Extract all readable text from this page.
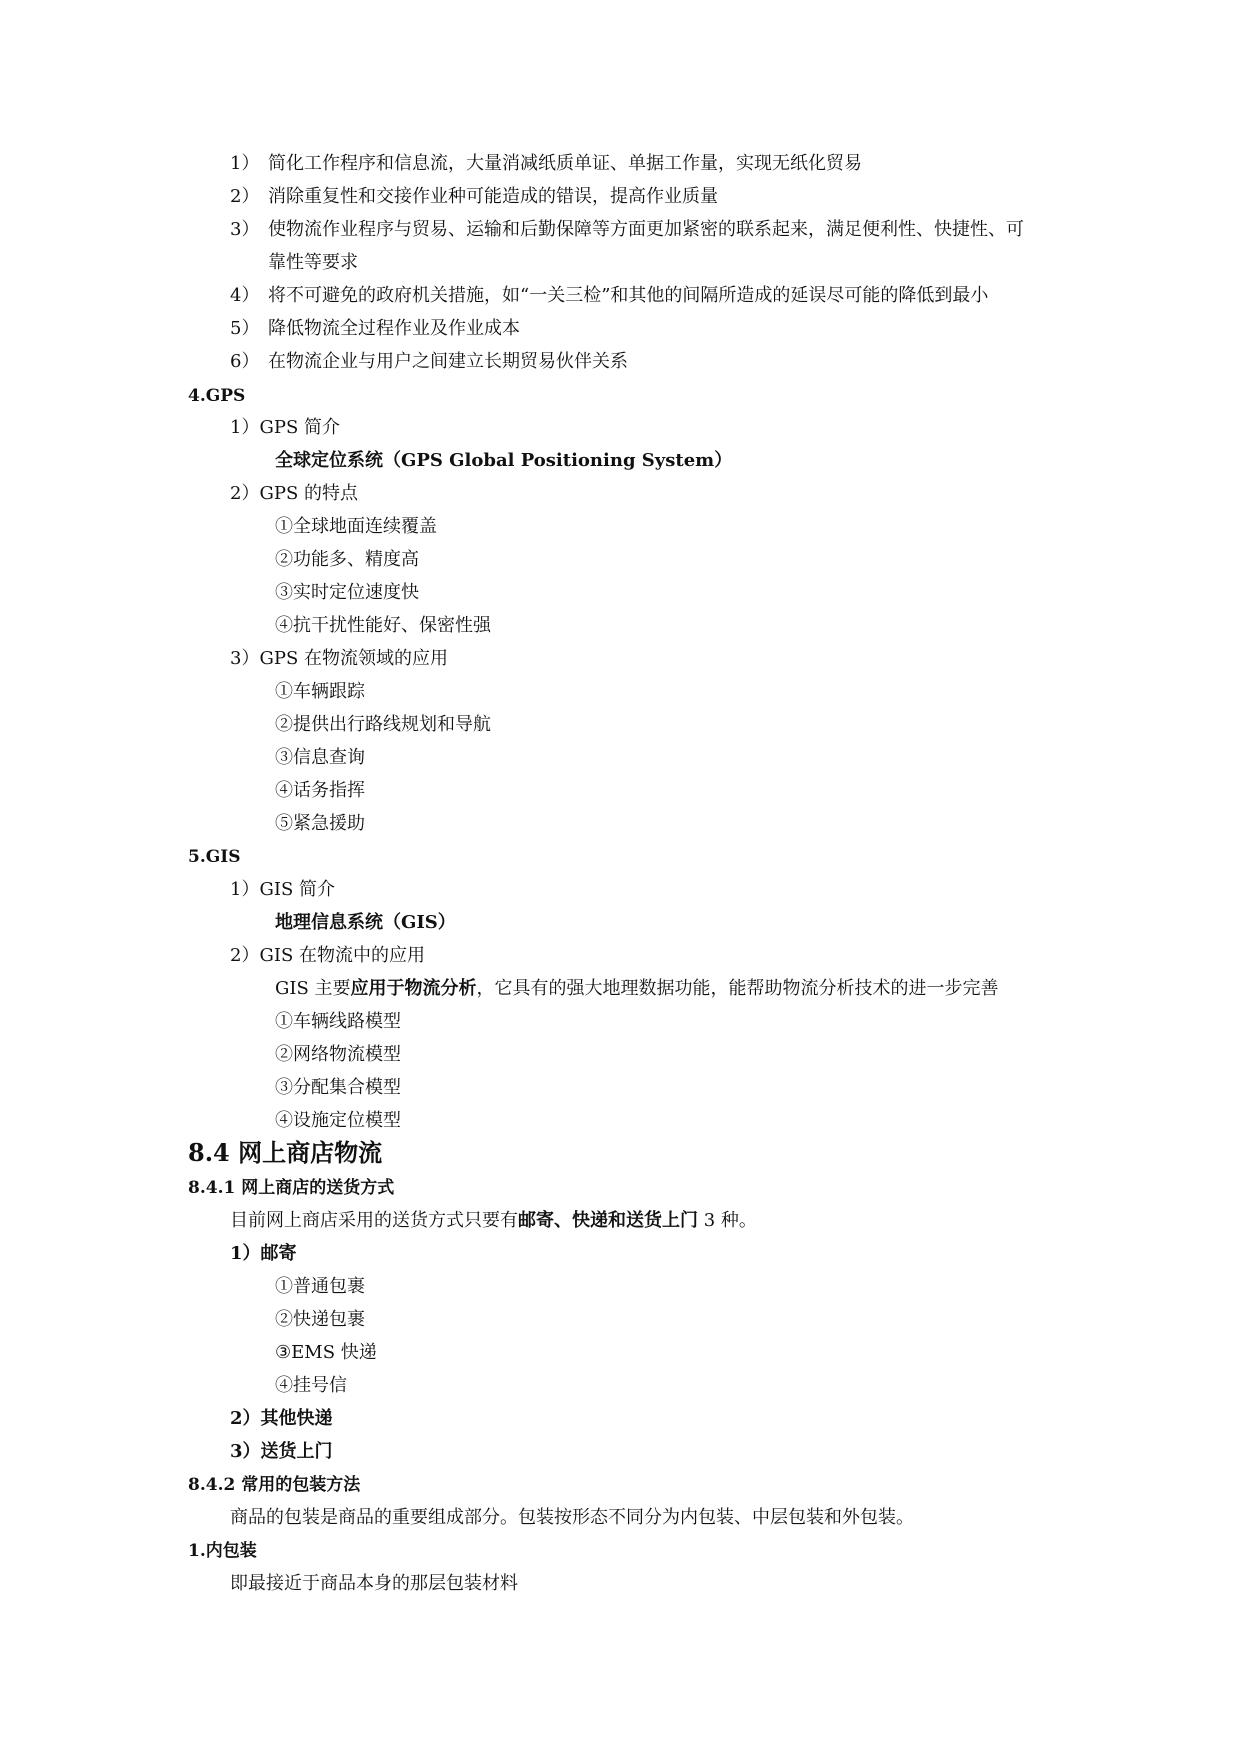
1） 简化工作程序和信息流，大量消减纸质单证、单据工作量，实现无纸化贸易
2） 消除重复性和交接作业种可能造成的错误，提高作业质量
3） 使物流作业程序与贸易、运输和后勤保障等方面更加紧密的联系起来，满足便利性、快捷性、可
靠性等要求
4） 将不可避免的政府机关措施，如“一关三检”和其他的间隔所造成的延误尽可能的降低到最小
5） 降低物流全过程作业及作业成本
6） 在物流企业与用户之间建立长期贸易伙伴关系
4.GPS
1）GPS 简介
全球定位系统（GPS Global Positioning System）
2）GPS 的特点
①全球地面连续覆盖
②功能多、精度高
③实时定位速度快
④抗干扰性能好、保密性强
3）GPS 在物流领域的应用
①车辆跟踪
②提供出行路线规划和导航
③信息查询
④话务指挥
⑤紧急援助
5.GIS
1）GIS 简介
地理信息系统（GIS）
2）GIS 在物流中的应用
GIS 主要应用于物流分析，它具有的强大地理数据功能，能帮助物流分析技术的进一步完善
①车辆线路模型
②网络物流模型
③分配集合模型
④设施定位模型
8.4 网上商店物流
8.4.1 网上商店的送货方式
目前网上商店采用的送货方式只要有邮寄、快递和送货上门 3 种。
1）邮寄
①普通包裹
②快递包裹
③EMS 快递
④挂号信
2）其他快递
3）送货上门
8.4.2 常用的包装方法
商品的包装是商品的重要组成部分。包装按形态不同分为内包装、中层包装和外包装。
1.内包装
即最接近于商品本身的那层包装材料
